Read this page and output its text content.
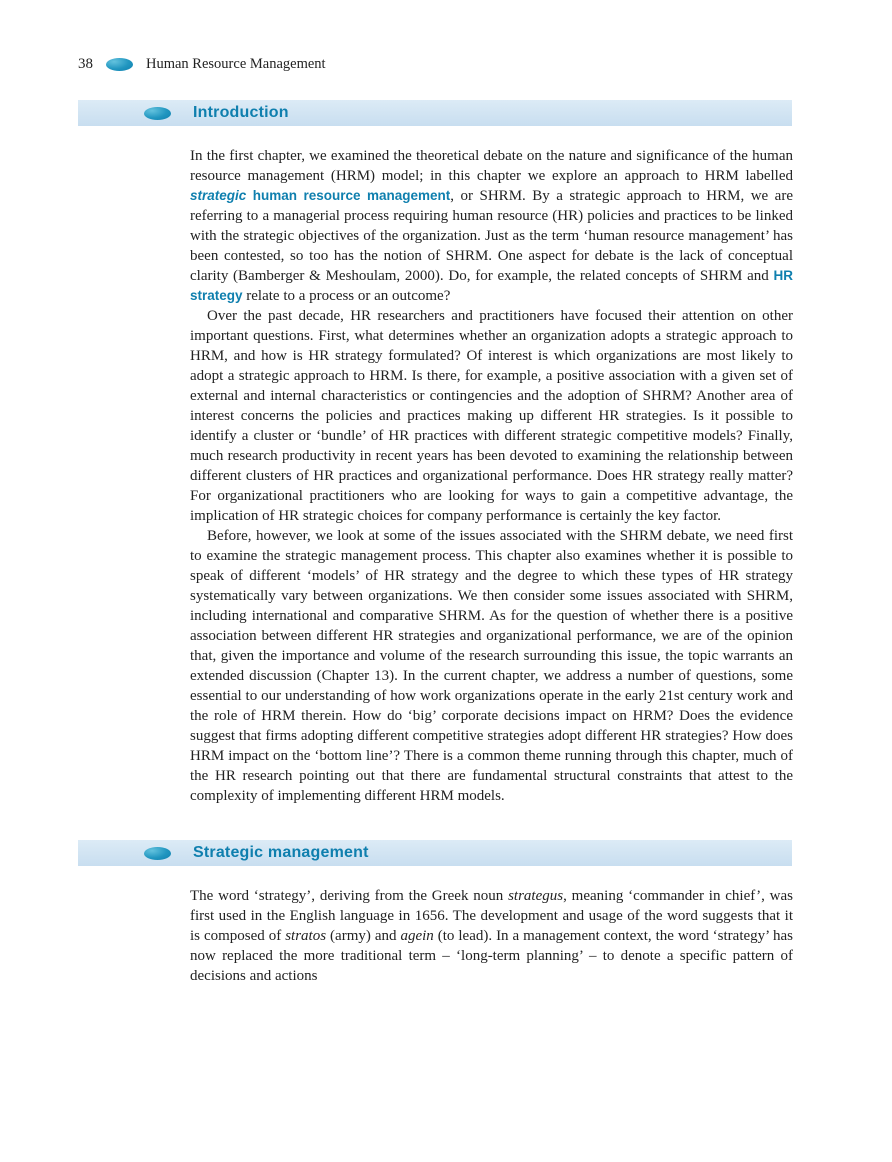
38	Human Resource Management
Introduction

In the first chapter, we examined the theoretical debate on the nature and significance of the human resource management (HRM) model; in this chapter we explore an approach to HRM labelled strategic human resource management, or SHRM. By a strategic approach to HRM, we are referring to a managerial process requiring human resource (HR) policies and practices to be linked with the strategic objectives of the organization. Just as the term ‘human resource management’ has been contested, so too has the notion of SHRM. One aspect for debate is the lack of conceptual clarity (Bamberger & Meshoulam, 2000). Do, for example, the related concepts of SHRM and HR strategy relate to a process or an outcome?

Over the past decade, HR researchers and practitioners have focused their attention on other important questions. First, what determines whether an organization adopts a strategic approach to HRM, and how is HR strategy formulated? Of interest is which organizations are most likely to adopt a strategic approach to HRM. Is there, for example, a positive association with a given set of external and internal characteristics or contingencies and the adoption of SHRM? Another area of interest concerns the policies and practices making up different HR strategies. Is it possible to identify a cluster or ‘bundle’ of HR practices with different strategic competitive models? Finally, much research productivity in recent years has been devoted to examining the relationship between different clusters of HR practices and organizational performance. Does HR strategy really matter? For organizational practitioners who are looking for ways to gain a competitive advantage, the implication of HR strategic choices for company performance is certainly the key factor.

Before, however, we look at some of the issues associated with the SHRM debate, we need first to examine the strategic management process. This chapter also examines whether it is possible to speak of different ‘models’ of HR strategy and the degree to which these types of HR strategy systematically vary between organizations. We then consider some issues associated with SHRM, including international and comparative SHRM. As for the question of whether there is a positive association between different HR strategies and organizational performance, we are of the opinion that, given the importance and volume of the research surrounding this issue, the topic warrants an extended discussion (Chapter 13). In the current chapter, we address a number of questions, some essential to our understanding of how work organizations operate in the early 21st century work and the role of HRM therein. How do ‘big’ corporate decisions impact on HRM? Does the evidence suggest that firms adopting different competitive strategies adopt different HR strategies? How does HRM impact on the ‘bottom line’? There is a common theme running through this chapter, much of the HR research pointing out that there are fundamental structural constraints that attest to the complexity of implementing different HRM models.

Strategic management

The word ‘strategy’, deriving from the Greek noun strategus, meaning ‘commander in chief’, was first used in the English language in 1656. The development and usage of the word suggests that it is composed of stratos (army) and agein (to lead). In a management context, the word ‘strategy’ has now replaced the more traditional term – ‘long-term planning’ – to denote a specific pattern of decisions and actions
